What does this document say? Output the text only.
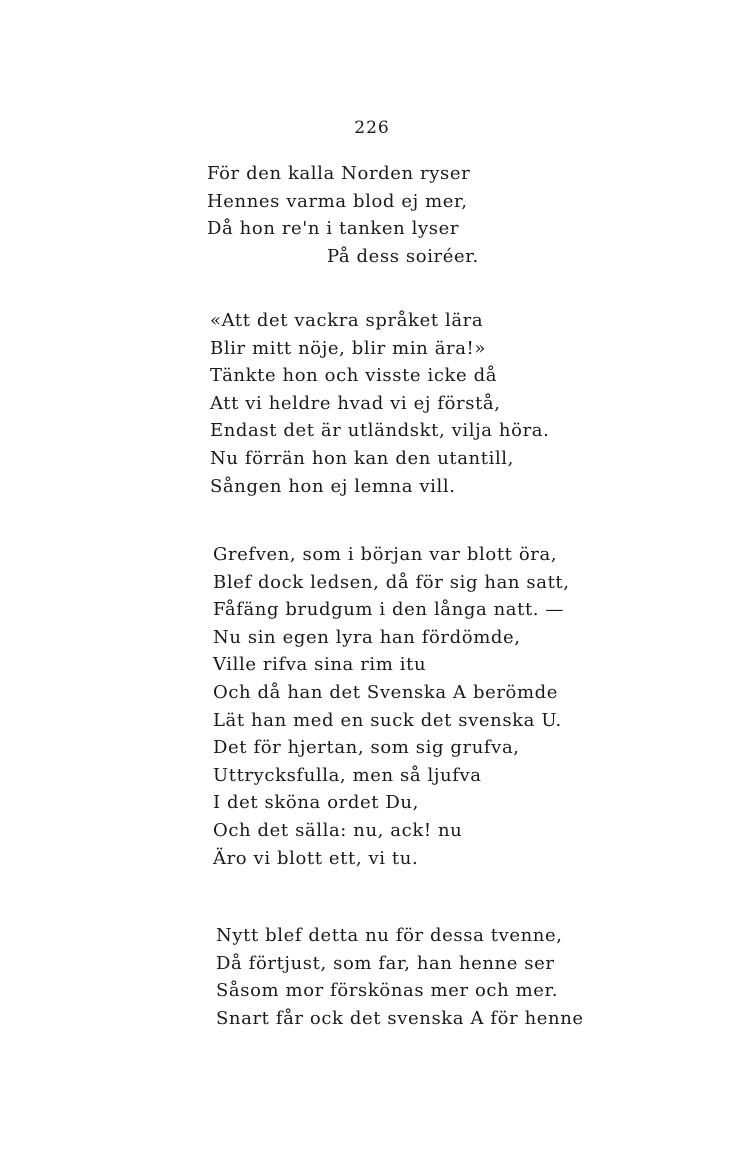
226
För den kalla Norden ryser
Hennes varma blod ej mer,
Då hon re'n i tanken lyser
På dess soiréer.
«Att det vackra språket lära
Blir mitt nöje, blir min ära!»
Tänkte hon och visste icke då
Att vi heldre hvad vi ej förstå,
Endast det är utländskt, vilja höra.
Nu förrän hon kan den utantill,
Sången hon ej lemna vill.
Grefven, som i början var blott öra,
Blef dock ledsen, då för sig han satt,
Fåfäng brudgum i den långa natt. —
Nu sin egen lyra han fördömde,
Ville rifva sina rim itu
Och då han det Svenska A berömde
Lät han med en suck det svenska U.
Det för hjertan, som sig grufva,
Uttrycksfulla, men så ljufva
I det sköna ordet Du,
Och det sälla: nu, ack! nu
Äro vi blott ett, vi tu.
Nytt blef detta nu för dessa tvenne,
Då förtjust, som far, han henne ser
Såsom mor förskönas mer och mer.
Snart får ock det svenska A för henne
